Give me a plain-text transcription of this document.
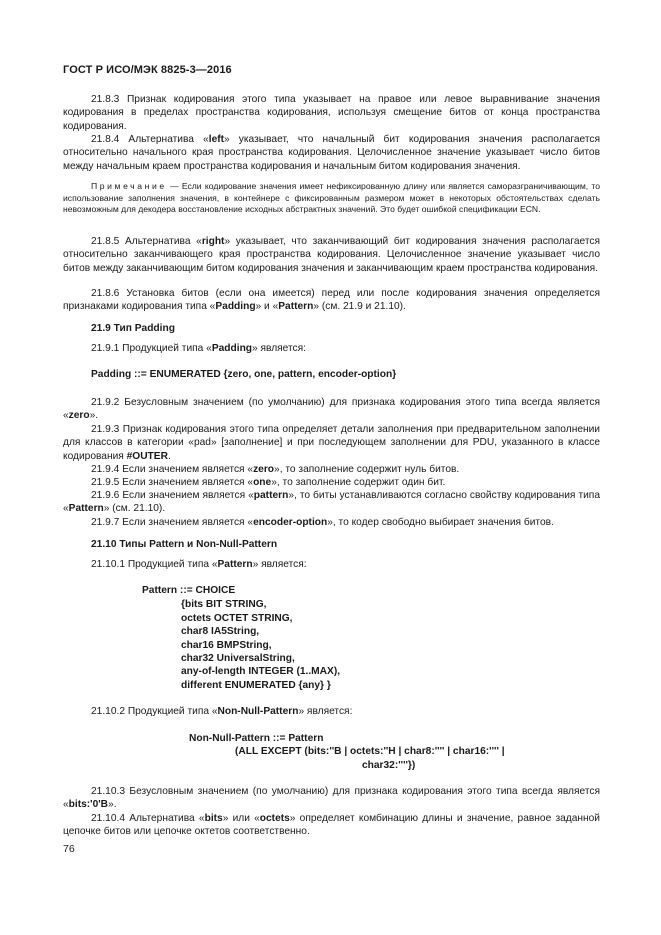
ГОСТ Р ИСО/МЭК 8825-3—2016

21.8.3 Признак кодирования этого типа указывает на правое или левое выравнивание значения кодирования в пределах пространства кодирования, используя смещение битов от конца пространства кодирования.

21.8.4 Альтернатива «left» указывает, что начальный бит кодирования значения располагается относительно начального края пространства кодирования. Целочисленное значение указывает число битов между начальным краем пространства кодирования и начальным битом кодирования значения.

Примечание — Если кодирование значения имеет нефиксированную длину или является саморазграничивающим, то использование заполнения значения, в контейнере с фиксированным размером может в некоторых обстоятельствах сделать невозможным для декодера восстановление исходных абстрактных значений. Это будет ошибкой спецификации ECN.

21.8.5 Альтернатива «right» указывает, что заканчивающий бит кодирования значения располагается относительно заканчивающего края пространства кодирования. Целочисленное значение указывает число битов между заканчивающим битом кодирования значения и заканчивающим краем пространства кодирования.

21.8.6 Установка битов (если она имеется) перед или после кодирования значения определяется признаками кодирования типа «Padding» и «Pattern» (см. 21.9 и 21.10).

21.9 Тип Padding

21.9.1 Продукцией типа «Padding» является:

Padding ::= ENUMERATED {zero, one, pattern, encoder-option}

21.9.2 Безусловным значением (по умолчанию) для признака кодирования этого типа всегда является «zero».

21.9.3 Признак кодирования этого типа определяет детали заполнения при предварительном заполнении для классов в категории «pad» [заполнение] и при последующем заполнении для PDU, указанного в классе кодирования #OUTER.

21.9.4 Если значением является «zero», то заполнение содержит нуль битов.

21.9.5 Если значением является «one», то заполнение содержит один бит.

21.9.6 Если значением является «pattern», то биты устанавливаются согласно свойству кодирования типа «Pattern» (см. 21.10).

21.9.7 Если значением является «encoder-option», то кодер свободно выбирает значения битов.

21.10 Типы Pattern и Non-Null-Pattern

21.10.1 Продукцией типа «Pattern» является:

Pattern ::= CHOICE
{bits BIT STRING,
octets OCTET STRING,
char8 IA5String,
char16 BMPString,
char32 UniversalString,
any-of-length INTEGER (1..MAX),
different ENUMERATED {any} }

21.10.2 Продукцией типа «Non-Null-Pattern» является:

Non-Null-Pattern ::= Pattern
(ALL EXCEPT (bits:''B | octets:''H | char8:'''' | char16:'''' |
char32:''''})

21.10.3 Безусловным значением (по умолчанию) для признака кодирования этого типа всегда является «bits:'0'B».

21.10.4 Альтернатива «bits» или «octets» определяет комбинацию длины и значение, равное заданной цепочке битов или цепочке октетов соответственно.

76
